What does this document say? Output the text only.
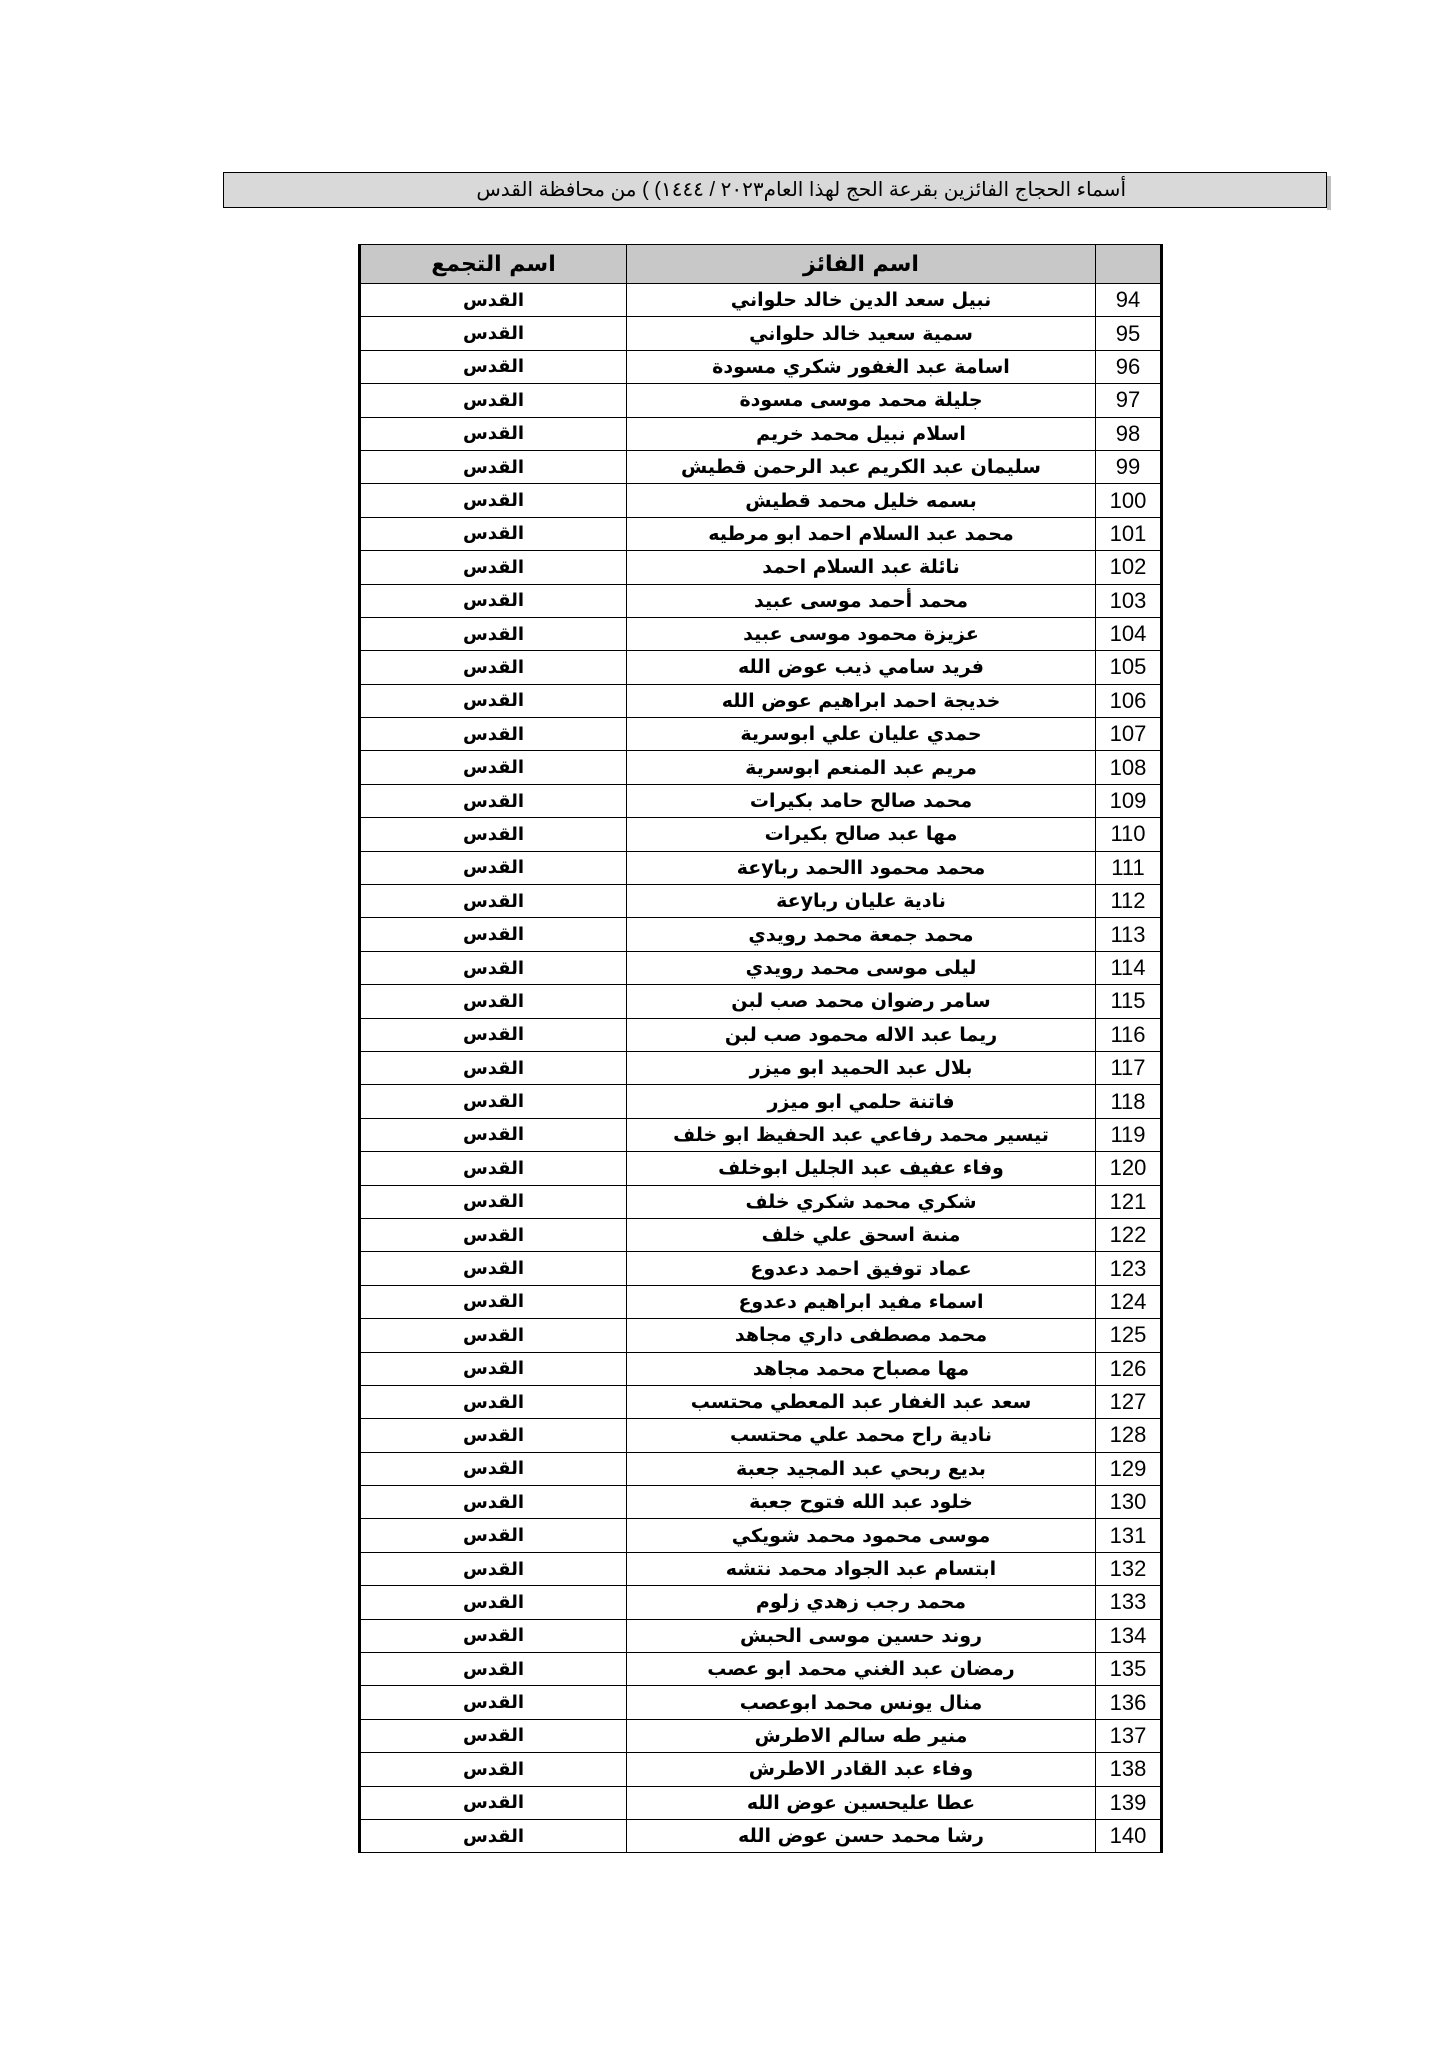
أسماء الحجاج الفائزين بقرعة الحج لهذا العام٢٠٢٣ / ١٤٤٤) ) من محافظة القدس
	اسم الفائز	اسم التجمع
94	نبيل سعد الدين خالد حلواني	القدس
95	سمية سعيد خالد حلواني	القدس
96	اسامة عبد الغفور شكري مسودة	القدس
97	جليلة محمد موسى مسودة	القدس
98	اسلام نبيل محمد خريم	القدس
99	سليمان عبد الكريم عبد الرحمن قطيش	القدس
100	بسمه خليل محمد قطيش	القدس
101	محمد عبد السلام احمد ابو مرطيه	القدس
102	نائلة عبد السلام احمد	القدس
103	محمد أحمد موسى عبيد	القدس
104	عزيزة محمود موسى عبيد	القدس
105	فريد سامي ذيب عوض الله	القدس
106	خديجة احمد ابراهيم عوض الله	القدس
107	حمدي عليان علي ابوسرية	القدس
108	مريم عبد المنعم ابوسرية	القدس
109	محمد صالح حامد بكيرات	القدس
110	مها عبد صالح بكيرات	القدس
111	محمد محمود االحمد رباyعة	القدس
112	نادية عليان رباyعة	القدس
113	محمد جمعة محمد رويدي	القدس
114	ليلى موسى محمد رويدي	القدس
115	سامر رضوان محمد صب لبن	القدس
116	ريما عبد الاله محمود صب لبن	القدس
117	بلال عبد الحميد ابو ميزر	القدس
118	فاتنة حلمي ابو ميزر	القدس
119	تيسير محمد رفاعي عبد الحفيظ ابو خلف	القدس
120	وفاء عفيف عبد الجليل ابوخلف	القدس
121	شكري محمد شكري خلف	القدس
122	منىة اسحق علي خلف	القدس
123	عماد توفيق احمد دعدوع	القدس
124	اسماء مفيد ابراهيم دعدوع	القدس
125	محمد مصطفى داري مجاهد	القدس
126	مها مصباح محمد مجاهد	القدس
127	سعد عبد الغفار عبد المعطي محتسب	القدس
128	نادية راح محمد علي محتسب	القدس
129	بديع ربحي عبد المجيد جعبة	القدس
130	خلود عبد الله فتوح جعبة	القدس
131	موسى محمود محمد شويكي	القدس
132	ابتسام عبد الجواد محمد نتشه	القدس
133	محمد رجب زهدي زلوم	القدس
134	روند حسين موسى الحبش	القدس
135	رمضان عبد الغني محمد ابو عصب	القدس
136	منال يونس محمد ابوعصب	القدس
137	منير طه سالم الاطرش	القدس
138	وفاء عبد القادر الاطرش	القدس
139	عطا عليحسين عوض الله	القدس
140	رشا محمد حسن عوض الله	القدس
